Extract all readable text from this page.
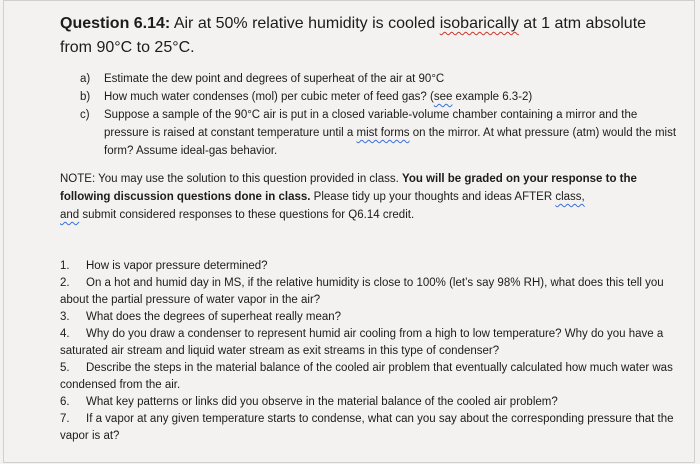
Question 6.14: Air at 50% relative humidity is cooled isobarically at 1 atm absolute
from 90°C to 25°C.

a)	Estimate the dew point and degrees of superheat of the air at 90°C
b)	How much water condenses (mol) per cubic meter of feed gas? (see example 6.3-2)
c)	Suppose a sample of the 90°C air is put in a closed variable-volume chamber containing a mirror and the pressure is raised at constant temperature until a mist forms on the mirror. At what pressure (atm) would the mist form? Assume ideal-gas behavior.
NOTE: You may use the solution to this question provided in class. You will be graded on your response to the following discussion questions done in class. Please tidy up your thoughts and ideas AFTER class,
and submit considered responses to these questions for Q6.14 credit.
1. How is vapor pressure determined?
2. On a hot and humid day in MS, if the relative humidity is close to 100% (let’s say 98% RH), what does this tell you about the partial pressure of water vapor in the air?
3. What does the degrees of superheat really mean?
4. Why do you draw a condenser to represent humid air cooling from a high to low temperature? Why do you have a saturated air stream and liquid water stream as exit streams in this type of condenser?
5. Describe the steps in the material balance of the cooled air problem that eventually calculated how much water was condensed from the air.
6. What key patterns or links did you observe in the material balance of the cooled air problem?
7. If a vapor at any given temperature starts to condense, what can you say about the corresponding pressure that the vapor is at?
